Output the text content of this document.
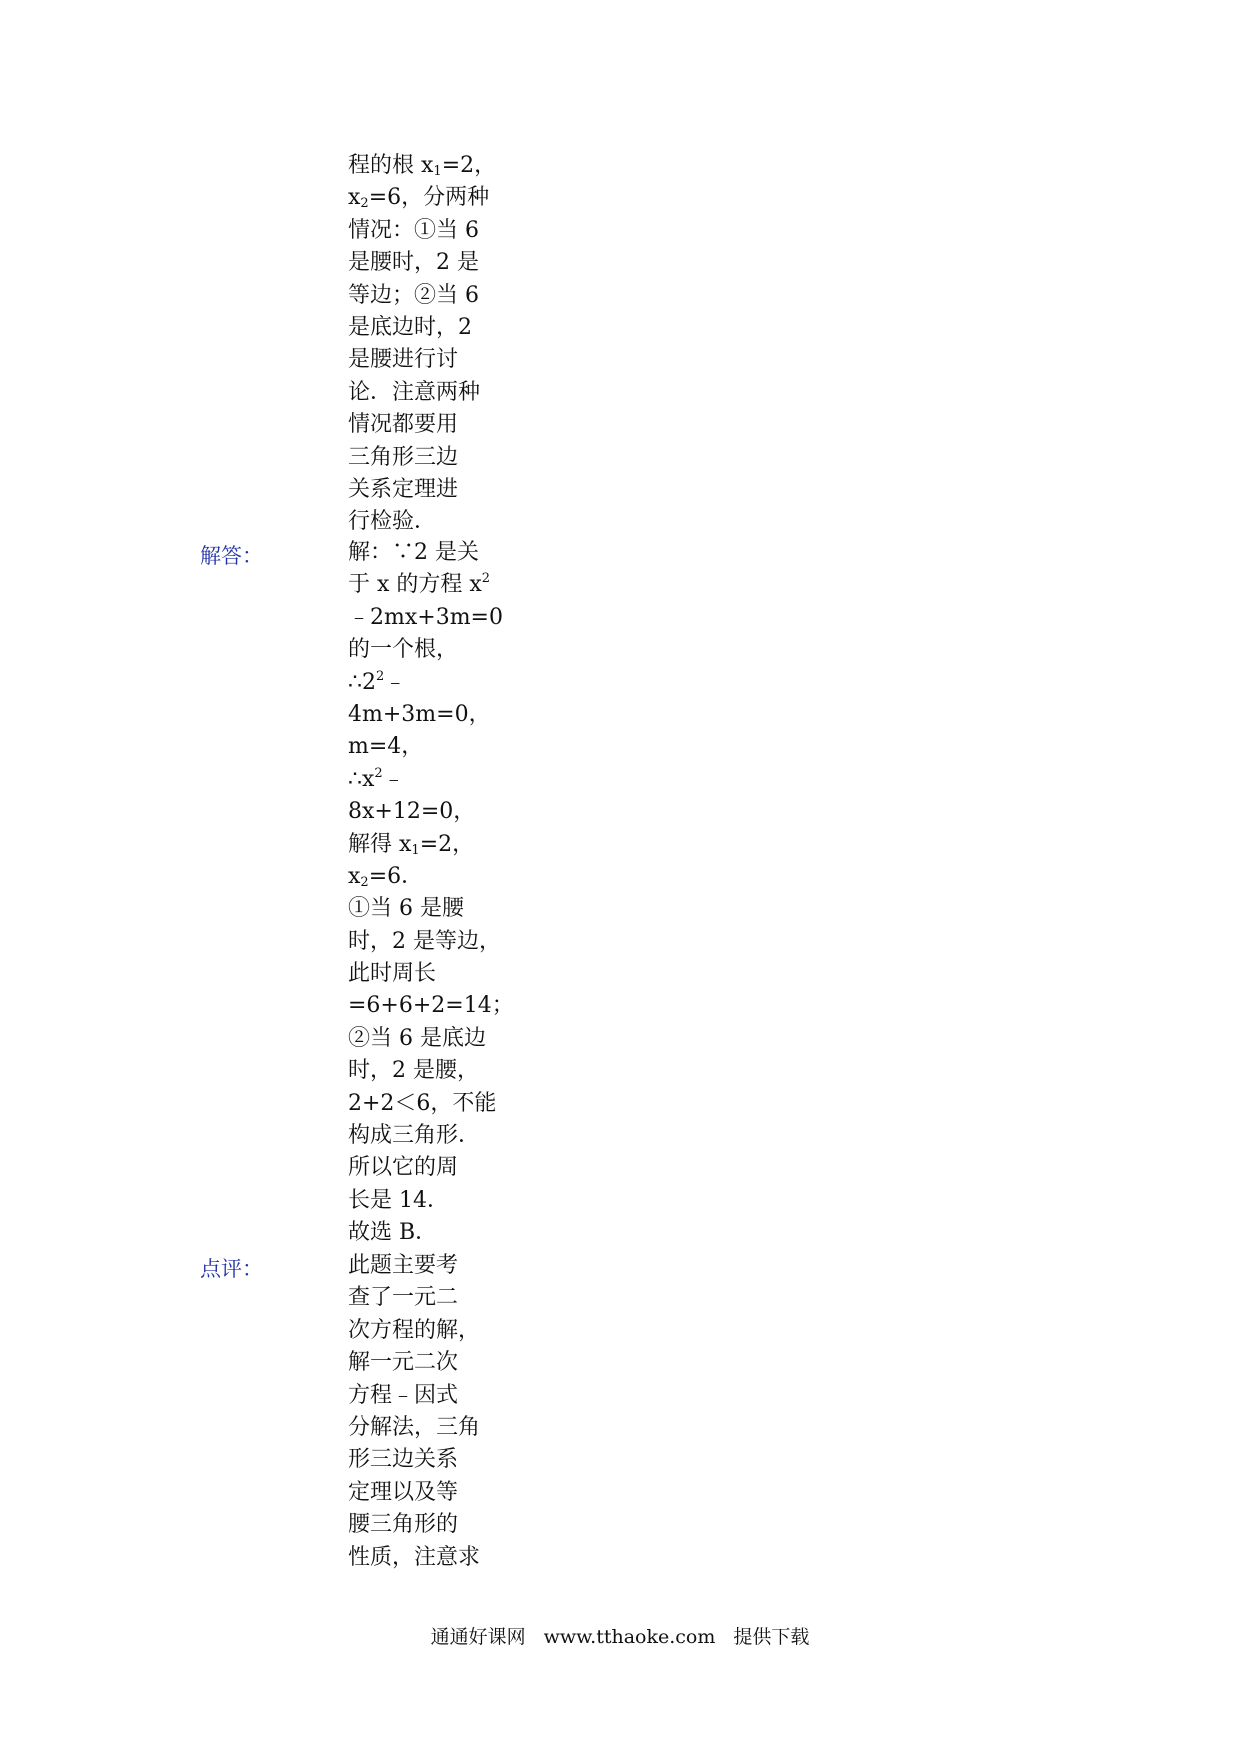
程的根 $x_1=2$，
$x_2=6$，分两种
情况：①当 6
是腰时，2 是
等边；②当 6
是底边时，2
是腰进行讨
论．注意两种
情况都要用
三角形三边
关系定理进
行检验．
解答：	解：∵2 是关
于 x 的方程 $x^2$
﹣2mx+3m=0
的一个根，
$\therefore 2^2﹣$
4m+3m=0，
m=4，
$\therefore x^2﹣$
8x+12=0，
解得 $x_1=2$，
$x_2=6$．
①当 6 是腰
时，2 是等边，
此时周长
=6+6+2=14；
②当 6 是底边
时，2 是腰，
2+2＜6，不能
构成三角形．
所以它的周
长是 14．
故选 B．
点评：	此题主要考
查了一元二
次方程的解，
解一元二次
方程﹣因式
分解法，三角
形三边关系
定理以及等
腰三角形的
性质，注意求
通通好课网 www.tthaoke.com 提供下载
